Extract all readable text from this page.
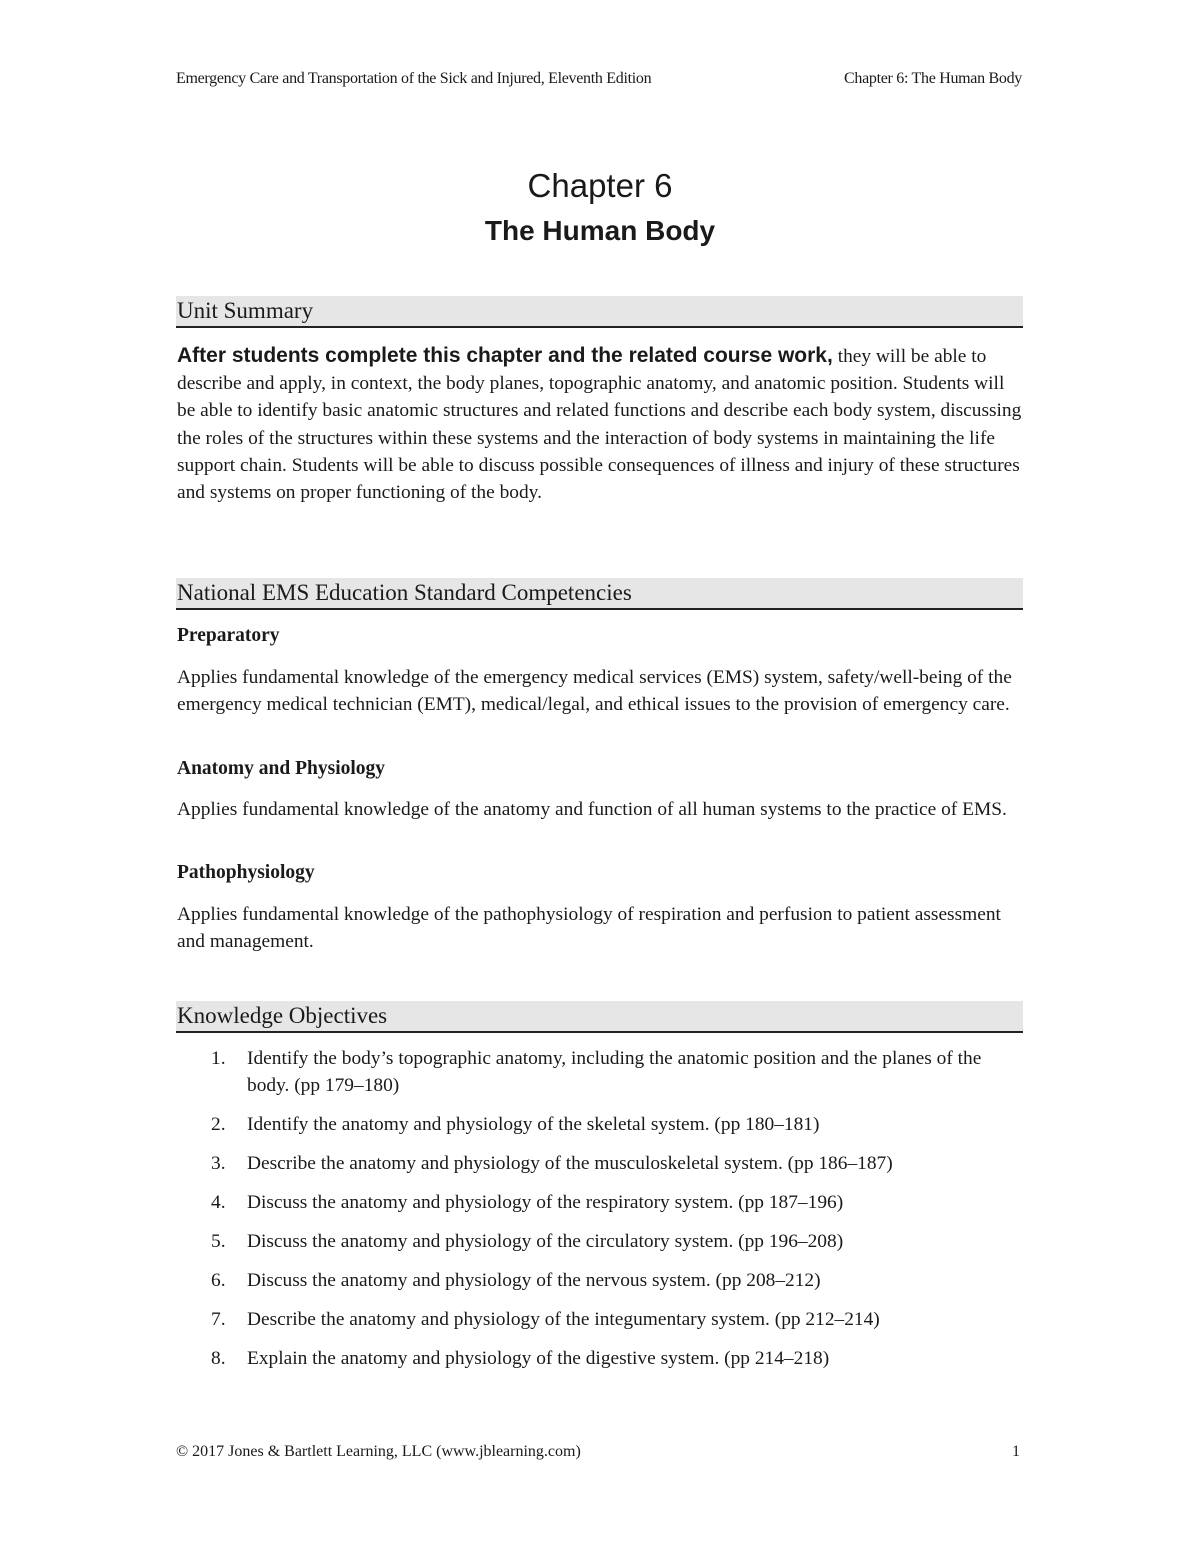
Emergency Care and Transportation of the Sick and Injured, Eleventh Edition	Chapter 6: The Human Body
Chapter 6
The Human Body
Unit Summary
After students complete this chapter and the related course work, they will be able to describe and apply, in context, the body planes, topographic anatomy, and anatomic position. Students will be able to identify basic anatomic structures and related functions and describe each body system, discussing the roles of the structures within these systems and the interaction of body systems in maintaining the life support chain. Students will be able to discuss possible consequences of illness and injury of these structures and systems on proper functioning of the body.
National EMS Education Standard Competencies
Preparatory
Applies fundamental knowledge of the emergency medical services (EMS) system, safety/well-being of the emergency medical technician (EMT), medical/legal, and ethical issues to the provision of emergency care.
Anatomy and Physiology
Applies fundamental knowledge of the anatomy and function of all human systems to the practice of EMS.
Pathophysiology
Applies fundamental knowledge of the pathophysiology of respiration and perfusion to patient assessment and management.
Knowledge Objectives
1. Identify the body’s topographic anatomy, including the anatomic position and the planes of the body. (pp 179–180)
2. Identify the anatomy and physiology of the skeletal system. (pp 180–181)
3. Describe the anatomy and physiology of the musculoskeletal system. (pp 186–187)
4. Discuss the anatomy and physiology of the respiratory system. (pp 187–196)
5. Discuss the anatomy and physiology of the circulatory system. (pp 196–208)
6. Discuss the anatomy and physiology of the nervous system. (pp 208–212)
7. Describe the anatomy and physiology of the integumentary system. (pp 212–214)
8. Explain the anatomy and physiology of the digestive system. (pp 214–218)
© 2017 Jones & Bartlett Learning, LLC (www.jblearning.com)	1
